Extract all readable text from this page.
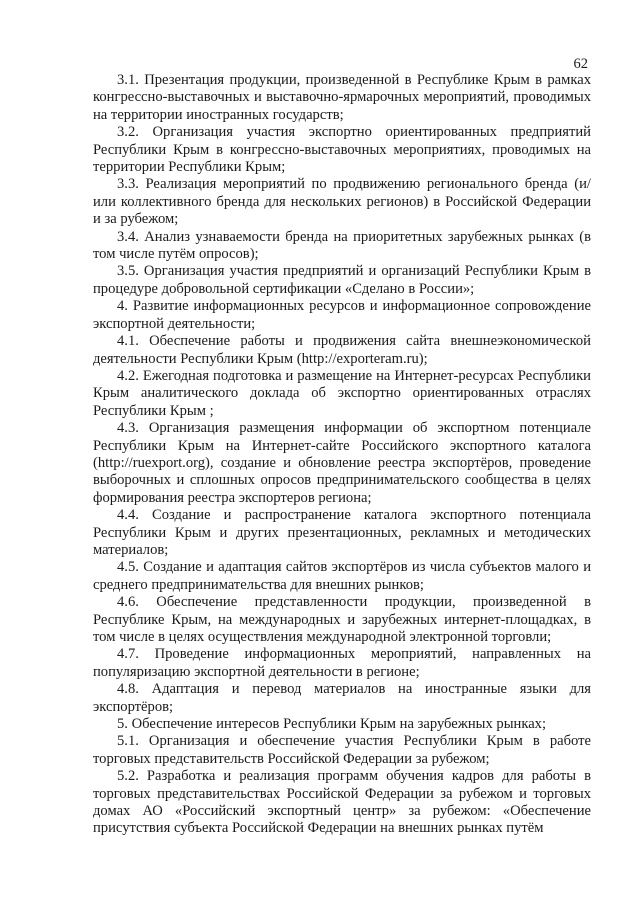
62

3.1. Презентация продукции, произведенной в Республике Крым в рамках конгрессно-выставочных и выставочно-ярмарочных мероприятий, проводимых на территории иностранных государств;

3.2. Организация участия экспортно ориентированных предприятий Республики Крым в конгрессно-выставочных мероприятиях, проводимых на территории Республики Крым;

3.3. Реализация мероприятий по продвижению регионального бренда (и/или коллективного бренда для нескольких регионов) в Российской Федерации и за рубежом;

3.4. Анализ узнаваемости бренда на приоритетных зарубежных рынках (в том числе путём опросов);

3.5. Организация участия предприятий и организаций Республики Крым в процедуре добровольной сертификации «Сделано в России»;

4. Развитие информационных ресурсов и информационное сопровождение экспортной деятельности;

4.1. Обеспечение работы и продвижения сайта внешнеэкономической деятельности Республики Крым (http://exporteram.ru);

4.2. Ежегодная подготовка и размещение на Интернет-ресурсах Республики Крым аналитического доклада об экспортно ориентированных отраслях Республики Крым ;

4.3. Организация размещения информации об экспортном потенциале Республики Крым на Интернет-сайте Российского экспортного каталога (http://ruexport.org), создание и обновление реестра экспортёров, проведение выборочных и сплошных опросов предпринимательского сообщества в целях формирования реестра экспортеров региона;

4.4. Создание и распространение каталога экспортного потенциала Республики Крым и других презентационных, рекламных и методических материалов;

4.5. Создание и адаптация сайтов экспортёров из числа субъектов малого и среднего предпринимательства для внешних рынков;

4.6. Обеспечение представленности продукции, произведенной в Республике Крым, на международных и зарубежных интернет-площадках, в том числе в целях осуществления международной электронной торговли;

4.7. Проведение информационных мероприятий, направленных на популяризацию экспортной деятельности в регионе;

4.8. Адаптация и перевод материалов на иностранные языки для экспортёров;

5. Обеспечение интересов Республики Крым на зарубежных рынках;

5.1. Организация и обеспечение участия Республики Крым в работе торговых представительств Российской Федерации за рубежом;

5.2. Разработка и реализация программ обучения кадров для работы в торговых представительствах Российской Федерации за рубежом и торговых домах АО «Российский экспортный центр» за рубежом: «Обеспечение присутствия субъекта Российской Федерации на внешних рынках путём
